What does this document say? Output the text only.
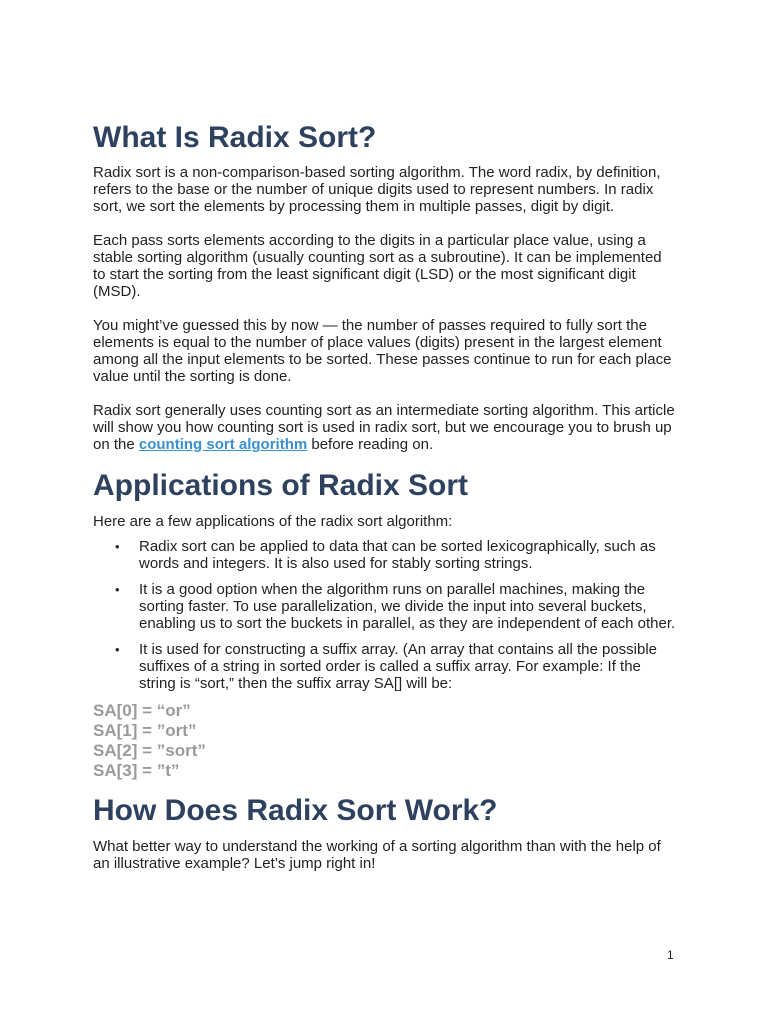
What Is Radix Sort?

Radix sort is a non-comparison-based sorting algorithm. The word radix, by definition, refers to the base or the number of unique digits used to represent numbers. In radix sort, we sort the elements by processing them in multiple passes, digit by digit.

Each pass sorts elements according to the digits in a particular place value, using a stable sorting algorithm (usually counting sort as a subroutine). It can be implemented to start the sorting from the least significant digit (LSD) or the most significant digit (MSD).

You might’ve guessed this by now — the number of passes required to fully sort the elements is equal to the number of place values (digits) present in the largest element among all the input elements to be sorted. These passes continue to run for each place value until the sorting is done.

Radix sort generally uses counting sort as an intermediate sorting algorithm. This article will show you how counting sort is used in radix sort, but we encourage you to brush up on the counting sort algorithm before reading on.

Applications of Radix Sort

Here are a few applications of the radix sort algorithm:

• Radix sort can be applied to data that can be sorted lexicographically, such as words and integers. It is also used for stably sorting strings.
• It is a good option when the algorithm runs on parallel machines, making the sorting faster. To use parallelization, we divide the input into several buckets, enabling us to sort the buckets in parallel, as they are independent of each other.
• It is used for constructing a suffix array. (An array that contains all the possible suffixes of a string in sorted order is called a suffix array. For example: If the string is “sort,” then the suffix array SA[] will be:

SA[0] = “or”

SA[1] = ”ort”

SA[2] = ”sort”

SA[3] = ”t”

How Does Radix Sort Work?

What better way to understand the working of a sorting algorithm than with the help of an illustrative example? Let’s jump right in!

1
